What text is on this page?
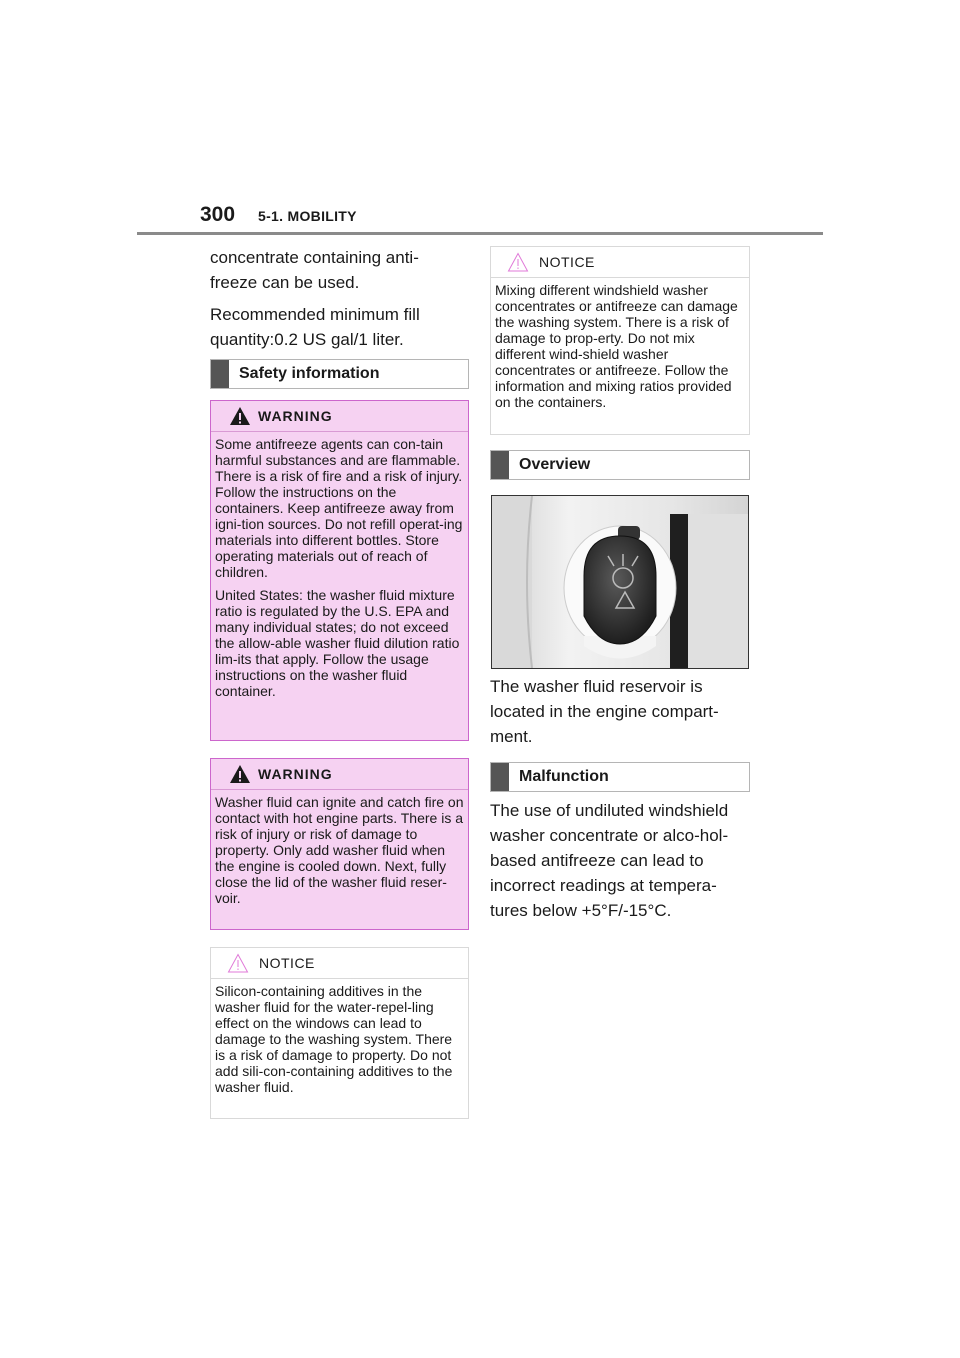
300 5-1. MOBILITY

concentrate containing anti-freeze can be used.

Recommended minimum fill quantity:0.2 US gal/1 liter.

Safety information
WARNING

Some antifreeze agents can con-tain harmful substances and are flammable. There is a risk of fire and a risk of injury. Follow the instructions on the containers. Keep antifreeze away from igni-tion sources. Do not refill operat-ing materials into different bottles. Store operating materials out of reach of children.

United States: the washer fluid mixture ratio is regulated by the U.S. EPA and many individual states; do not exceed the allow-able washer fluid dilution ratio lim-its that apply. Follow the usage instructions on the washer fluid container.

WARNING

Washer fluid can ignite and catch fire on contact with hot engine parts. There is a risk of injury or risk of damage to property. Only add washer fluid when the engine is cooled down. Next, fully close the lid of the washer fluid reser-voir.

NOTICE

Silicon-containing additives in the washer fluid for the water-repel-ling effect on the windows can lead to damage to the washing system. There is a risk of damage to property. Do not add sili-con-containing additives to the washer fluid.

NOTICE

Mixing different windshield washer concentrates or antifreeze can damage the washing system. There is a risk of damage to prop-erty. Do not mix different wind-shield washer concentrates or antifreeze. Follow the information and mixing ratios provided on the containers.

Overview

The washer fluid reservoir is located in the engine compart-ment.

Malfunction

The use of undiluted windshield washer concentrate or alco-hol-based antifreeze can lead to incorrect readings at tempera-tures below +5°F/-15°C.
